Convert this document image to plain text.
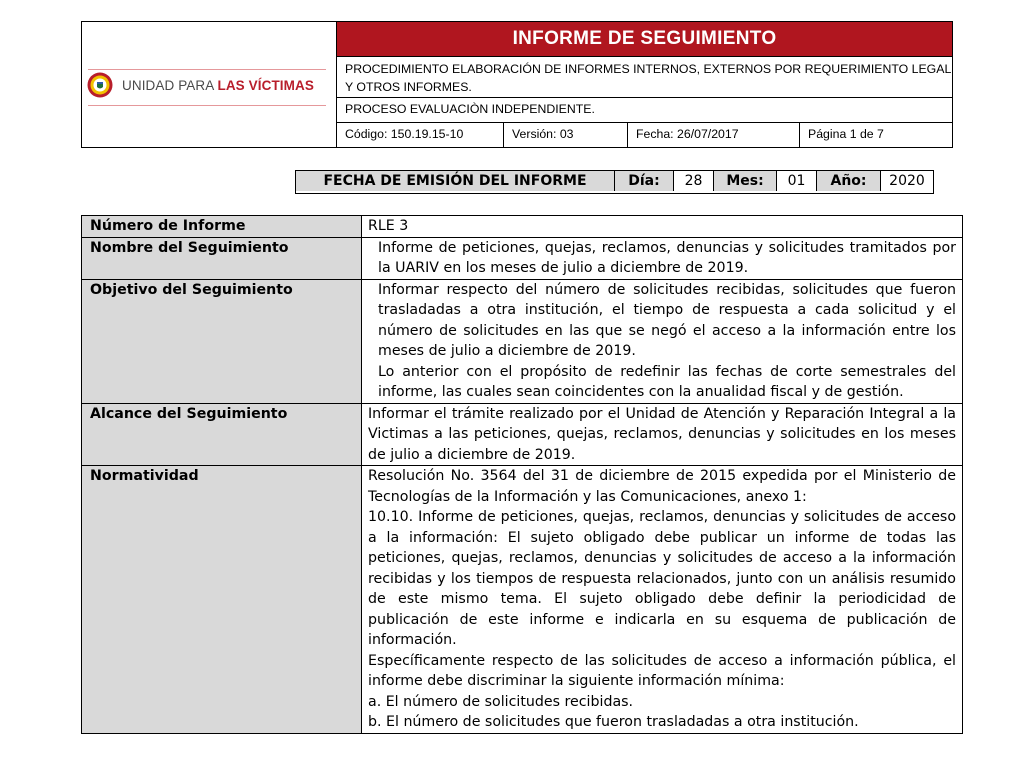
UNIDAD PARA LAS VÍCTIMAS
INFORME DE SEGUIMIENTO
PROCEDIMIENTO ELABORACIÓN DE INFORMES INTERNOS, EXTERNOS POR REQUERIMIENTO LEGAL Y OTROS INFORMES.
PROCESO EVALUACIÒN INDEPENDIENTE.
Código: 150.19.15-10	Versión: 03	Fecha: 26/07/2017	Página 1 de 7
FECHA DE EMISIÓN DEL INFORME	Día:	28	Mes:	01	Año:	2020
Número de Informe	RLE 3

Nombre del Seguimiento	Informe de peticiones, quejas, reclamos, denuncias y solicitudes tramitados por la UARIV en los meses de julio a diciembre de 2019.

Objetivo del Seguimiento	Informar respecto del número de solicitudes recibidas, solicitudes que fueron trasladadas a otra institución, el tiempo de respuesta a cada solicitud y el número de solicitudes en las que se negó el acceso a la información entre los meses de julio a diciembre de 2019.
Lo anterior con el propósito de redefinir las fechas de corte semestrales del informe, las cuales sean coincidentes con la anualidad fiscal y de gestión.

Alcance del Seguimiento	Informar el trámite realizado por el Unidad de Atención y Reparación Integral a la Victimas a las peticiones, quejas, reclamos, denuncias y solicitudes en los meses de julio a diciembre de 2019.

Normatividad	Resolución No. 3564 del 31 de diciembre de 2015 expedida por el Ministerio de Tecnologías de la Información y las Comunicaciones, anexo 1:
10.10. Informe de peticiones, quejas, reclamos, denuncias y solicitudes de acceso a la información: El sujeto obligado debe publicar un informe de todas las peticiones, quejas, reclamos, denuncias y solicitudes de acceso a la información recibidas y los tiempos de respuesta relacionados, junto con un análisis resumido de este mismo tema. El sujeto obligado debe definir la periodicidad de publicación de este informe e indicarla en su esquema de publicación de información.
Específicamente respecto de las solicitudes de acceso a información pública, el informe debe discriminar la siguiente información mínima:
a. El número de solicitudes recibidas.
b. El número de solicitudes que fueron trasladadas a otra institución.
